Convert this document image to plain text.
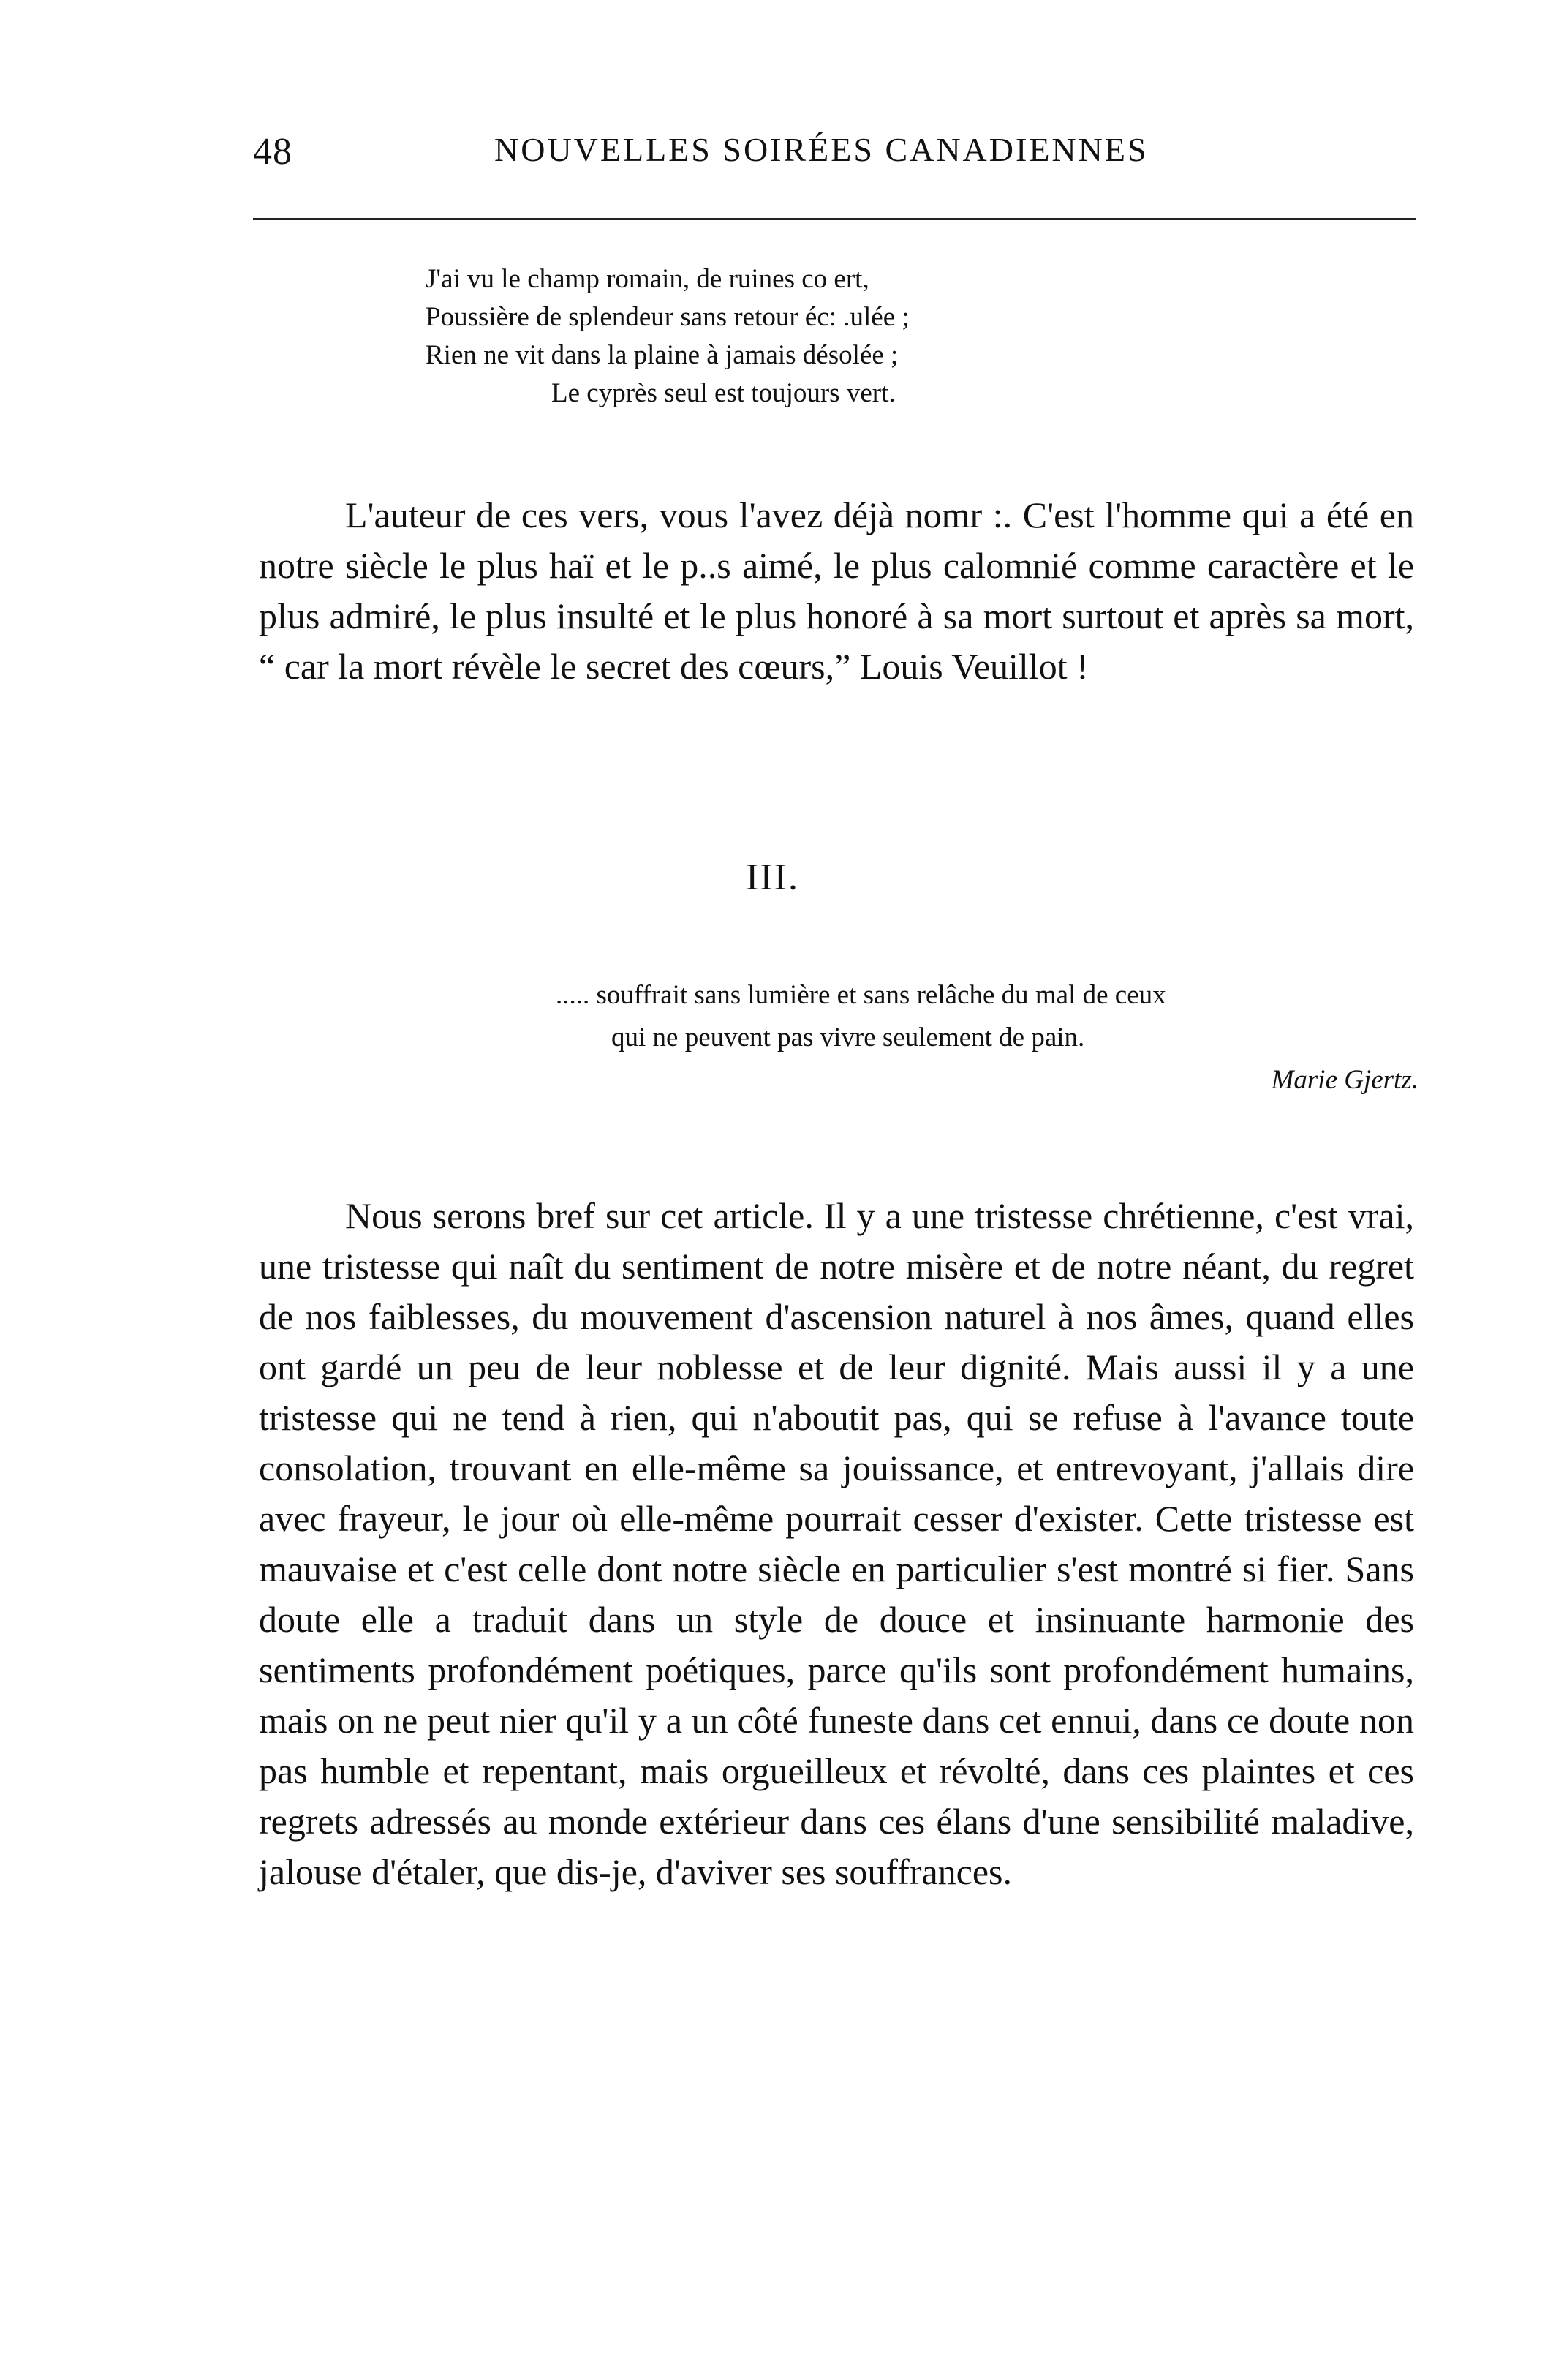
48	NOUVELLES SOIRÉES CANADIENNES
J'ai vu le champ romain, de ruines co ert,
Poussière de splendeur sans retour éc: .ulée ;
Rien ne vit dans la plaine à jamais désolée ;
Le cyprès seul est toujours vert.

L'auteur de ces vers, vous l'avez déjà nomr :. C'est l'homme qui a été en notre siècle le plus haï et le p..s aimé, le plus calomnié comme caractère et le plus admiré, le plus insulté et le plus honoré à sa mort surtout et après sa mort, “ car la mort révèle le secret des cœurs,” Louis Veuillot !

III.
..... souffrait sans lumière et sans relâche du mal de ceux
qui ne peuvent pas vivre seulement de pain.
Marie Gjertz.

Nous serons bref sur cet article. Il y a une tristesse chrétienne, c'est vrai, une tristesse qui naît du sentiment de notre misère et de notre néant, du regret de nos faiblesses, du mouvement d'ascension naturel à nos âmes, quand elles ont gardé un peu de leur noblesse et de leur dignité. Mais aussi il y a une tristesse qui ne tend à rien, qui n'aboutit pas, qui se refuse à l'avance toute consolation, trouvant en elle-même sa jouissance, et entrevoyant, j'allais dire avec frayeur, le jour où elle-même pourrait cesser d'exister. Cette tristesse est mauvaise et c'est celle dont notre siècle en particulier s'est montré si fier. Sans doute elle a traduit dans un style de douce et insinuante harmonie des sentiments profondément poétiques, parce qu'ils sont profondément humains, mais on ne peut nier qu'il y a un côté funeste dans cet ennui, dans ce doute non pas humble et repentant, mais orgueilleux et révolté, dans ces plaintes et ces regrets adressés au monde extérieur dans ces élans d'une sensibilité maladive, jalouse d'étaler, que dis-je, d'aviver ses souffrances.
